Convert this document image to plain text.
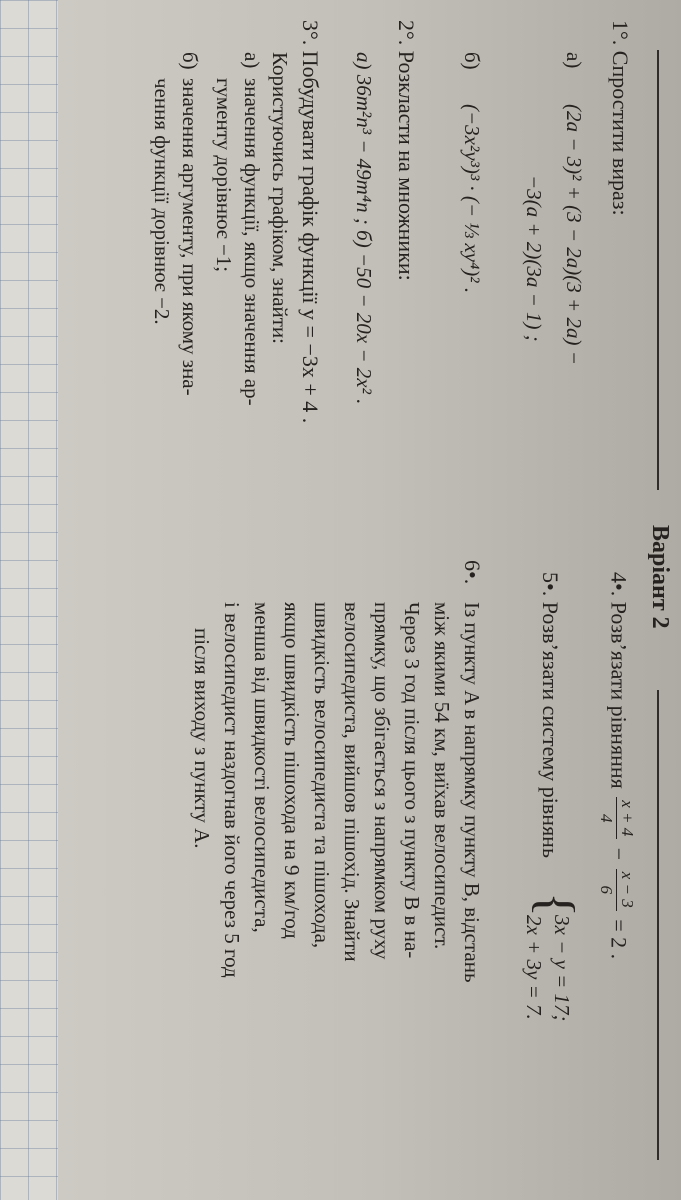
Варіант 2
1°. Спростити вираз:
а)
(2a − 3)² + (3 − 2a)(3 + 2a) −
−3(a + 2)(3a − 1) ;
б)
(−3x²y³)³ · (− ⅓ xy⁴)² .
2°. Розкласти на множники:
а) 36m²n³ − 49m⁴n ; б) −50 − 20x − 2x² .
3°. Побудувати графік функції y = −3x + 4 .
Користуючись графіком, знайти:
а)
значення функції, якщо значення ар-
гументу дорівнює −1;
б)
значення аргументу, при якому зна-
чення функції дорівнює −2.
4•. Розв’язати рівняння
x + 4
4
−
x − 3
6
= 2 .
5•. Розв’язати систему рівнянь
{
3x − y = 17;
2x + 3y = 7.
6•.
Із пункту A в напрямку пункту B, відстань
між якими 54 км, виїхав велосипедист.
Через 3 год після цього з пункту B в на-
прямку, що збігається з напрямком руху
велосипедиста, вийшов пішохід. Знайти
швидкість велосипедиста та пішохода,
якщо швидкість пішохода на 9 км/год
менша від швидкості велосипедиста,
і велосипедист наздогнав його через 5 год
після виходу з пункту A.
